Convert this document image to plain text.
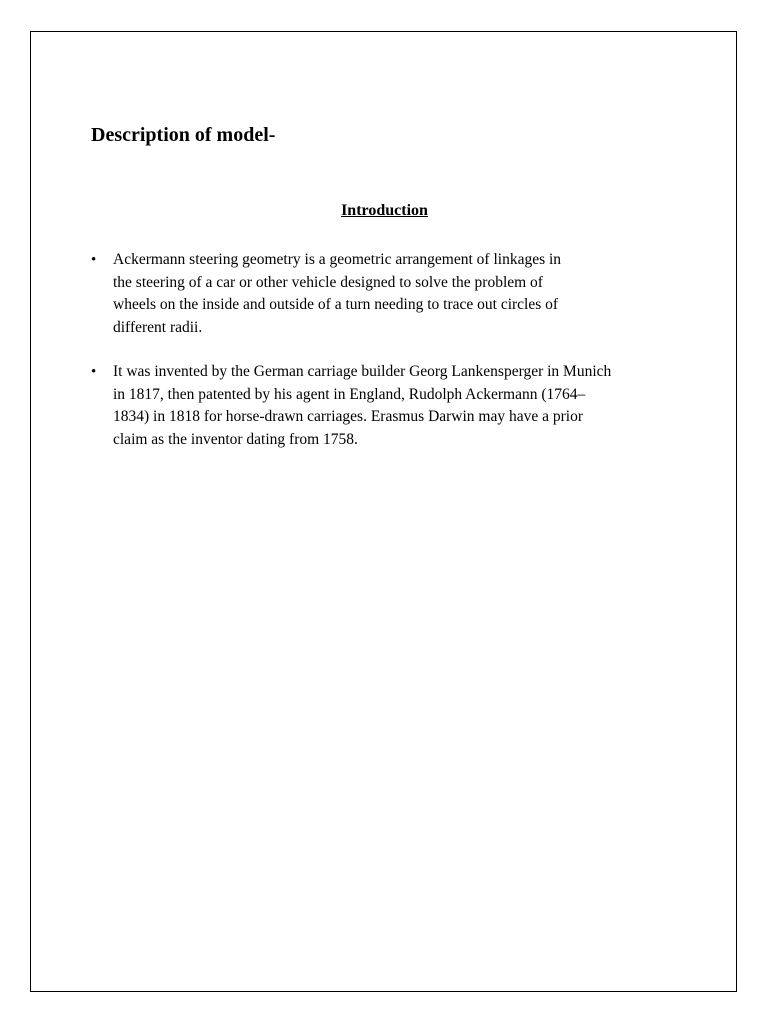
Description of model-
Introduction
• Ackermann steering geometry is a geometric arrangement of linkages in
the steering of a car or other vehicle designed to solve the problem of
wheels on the inside and outside of a turn needing to trace out circles of
different radii.
• It was invented by the German carriage builder Georg Lankensperger in Munich
in 1817, then patented by his agent in England, Rudolph Ackermann (1764–
1834) in 1818 for horse-drawn carriages. Erasmus Darwin may have a prior
claim as the inventor dating from 1758.
